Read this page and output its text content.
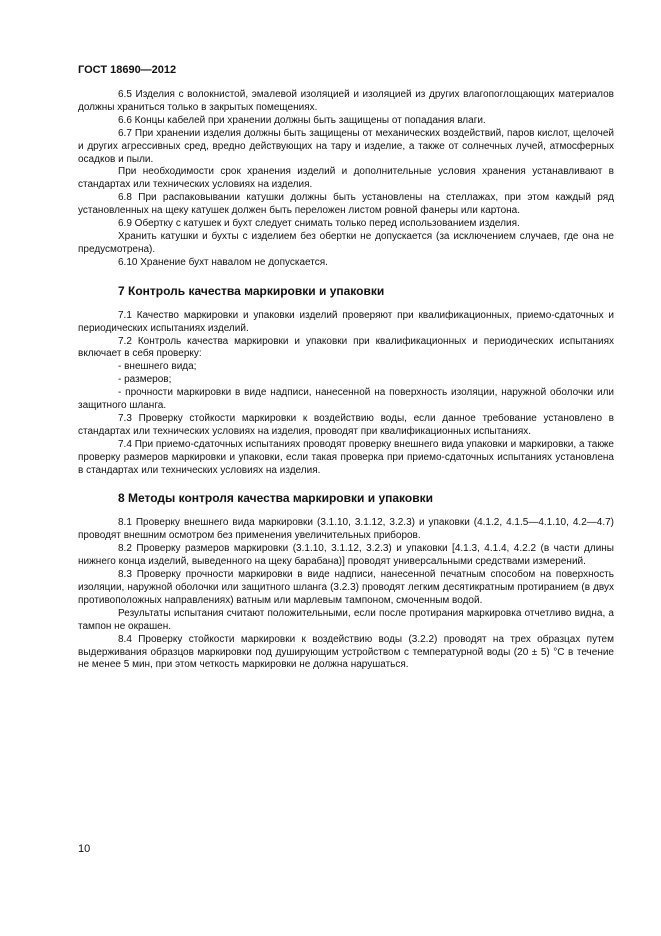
ГОСТ 18690—2012

6.5 Изделия с волокнистой, эмалевой изоляцией и изоляцией из других влагопоглощающих материалов должны храниться только в закрытых помещениях.

6.6 Концы кабелей при хранении должны быть защищены от попадания влаги.

6.7 При хранении изделия должны быть защищены от механических воздействий, паров кислот, щелочей и других агрессивных сред, вредно действующих на тару и изделие, а также от солнечных лучей, атмосферных осадков и пыли.

При необходимости срок хранения изделий и дополнительные условия хранения устанавливают в стандартах или технических условиях на изделия.

6.8 При распаковывании катушки должны быть установлены на стеллажах, при этом каждый ряд установленных на щеку катушек должен быть переложен листом ровной фанеры или картона.

6.9 Обертку с катушек и бухт следует снимать только перед использованием изделия.

Хранить катушки и бухты с изделием без обертки не допускается (за исключением случаев, где она не предусмотрена).

6.10 Хранение бухт навалом не допускается.

7 Контроль качества маркировки и упаковки

7.1 Качество маркировки и упаковки изделий проверяют при квалификационных, приемо-сдаточных и периодических испытаниях изделий.

7.2 Контроль качества маркировки и упаковки при квалификационных и периодических испытаниях включает в себя проверку:

- внешнего вида;

- размеров;

- прочности маркировки в виде надписи, нанесенной на поверхность изоляции, наружной оболочки или защитного шланга.

7.3 Проверку стойкости маркировки к воздействию воды, если данное требование установлено в стандартах или технических условиях на изделия, проводят при квалификационных испытаниях.

7.4 При приемо-сдаточных испытаниях проводят проверку внешнего вида упаковки и маркировки, а также проверку размеров маркировки и упаковки, если такая проверка при приемо-сдаточных испытаниях установлена в стандартах или технических условиях на изделия.

8 Методы контроля качества маркировки и упаковки

8.1 Проверку внешнего вида маркировки (3.1.10, 3.1.12, 3.2.3) и упаковки (4.1.2, 4.1.5—4.1.10, 4.2—4.7) проводят внешним осмотром без применения увеличительных приборов.

8.2 Проверку размеров маркировки (3.1.10, 3.1.12, 3.2.3) и упаковки [4.1.3, 4.1.4, 4.2.2 (в части длины нижнего конца изделий, выведенного на щеку барабана)] проводят универсальными средствами измерений.

8.3 Проверку прочности маркировки в виде надписи, нанесенной печатным способом на поверхность изоляции, наружной оболочки или защитного шланга (3.2.3) проводят легким десятикратным протиранием (в двух противоположных направлениях) ватным или марлевым тампоном, смоченным водой.

Результаты испытания считают положительными, если после протирания маркировка отчетливо видна, а тампон не окрашен.

8.4 Проверку стойкости маркировки к воздействию воды (3.2.2) проводят на трех образцах путем выдерживания образцов маркировки под душирующим устройством с температурной воды (20 ± 5) °С в течение не менее 5 мин, при этом четкость маркировки не должна нарушаться.

10
